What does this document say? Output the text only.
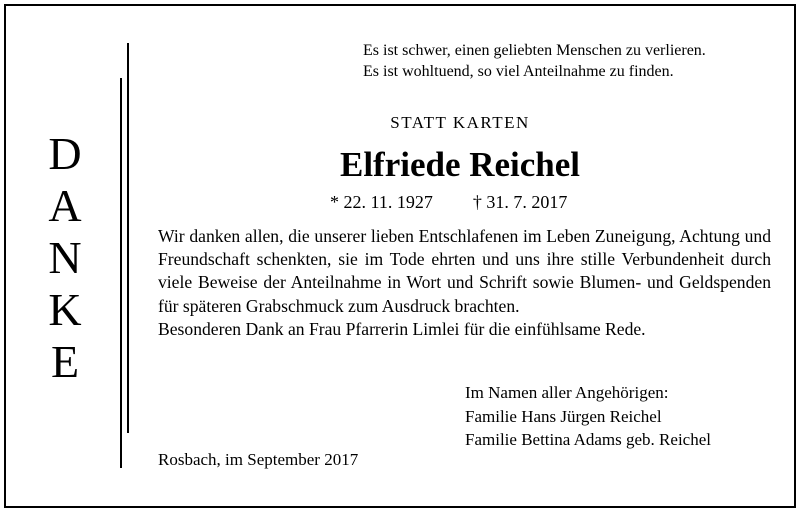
D
A
N
K
E
Es ist schwer, einen geliebten Menschen zu verlieren.
Es ist wohltuend, so viel Anteilnahme zu finden.
STATT KARTEN
Elfriede Reichel
* 22. 11. 1927 † 31. 7. 2017

Wir danken allen, die unserer lieben Entschlafenen im Leben Zuneigung, Achtung und Freundschaft schenkten, sie im Tode ehrten und uns ihre stille Verbundenheit durch viele Beweise der Anteilnahme in Wort und Schrift sowie Blumen- und Geldspenden für späteren Grabschmuck zum Ausdruck brachten.

Besonderen Dank an Frau Pfarrerin Limlei für die einfühlsame Rede.

Im Namen aller Angehörigen:
Familie Hans Jürgen Reichel
Familie Bettina Adams geb. Reichel
Rosbach, im September 2017
